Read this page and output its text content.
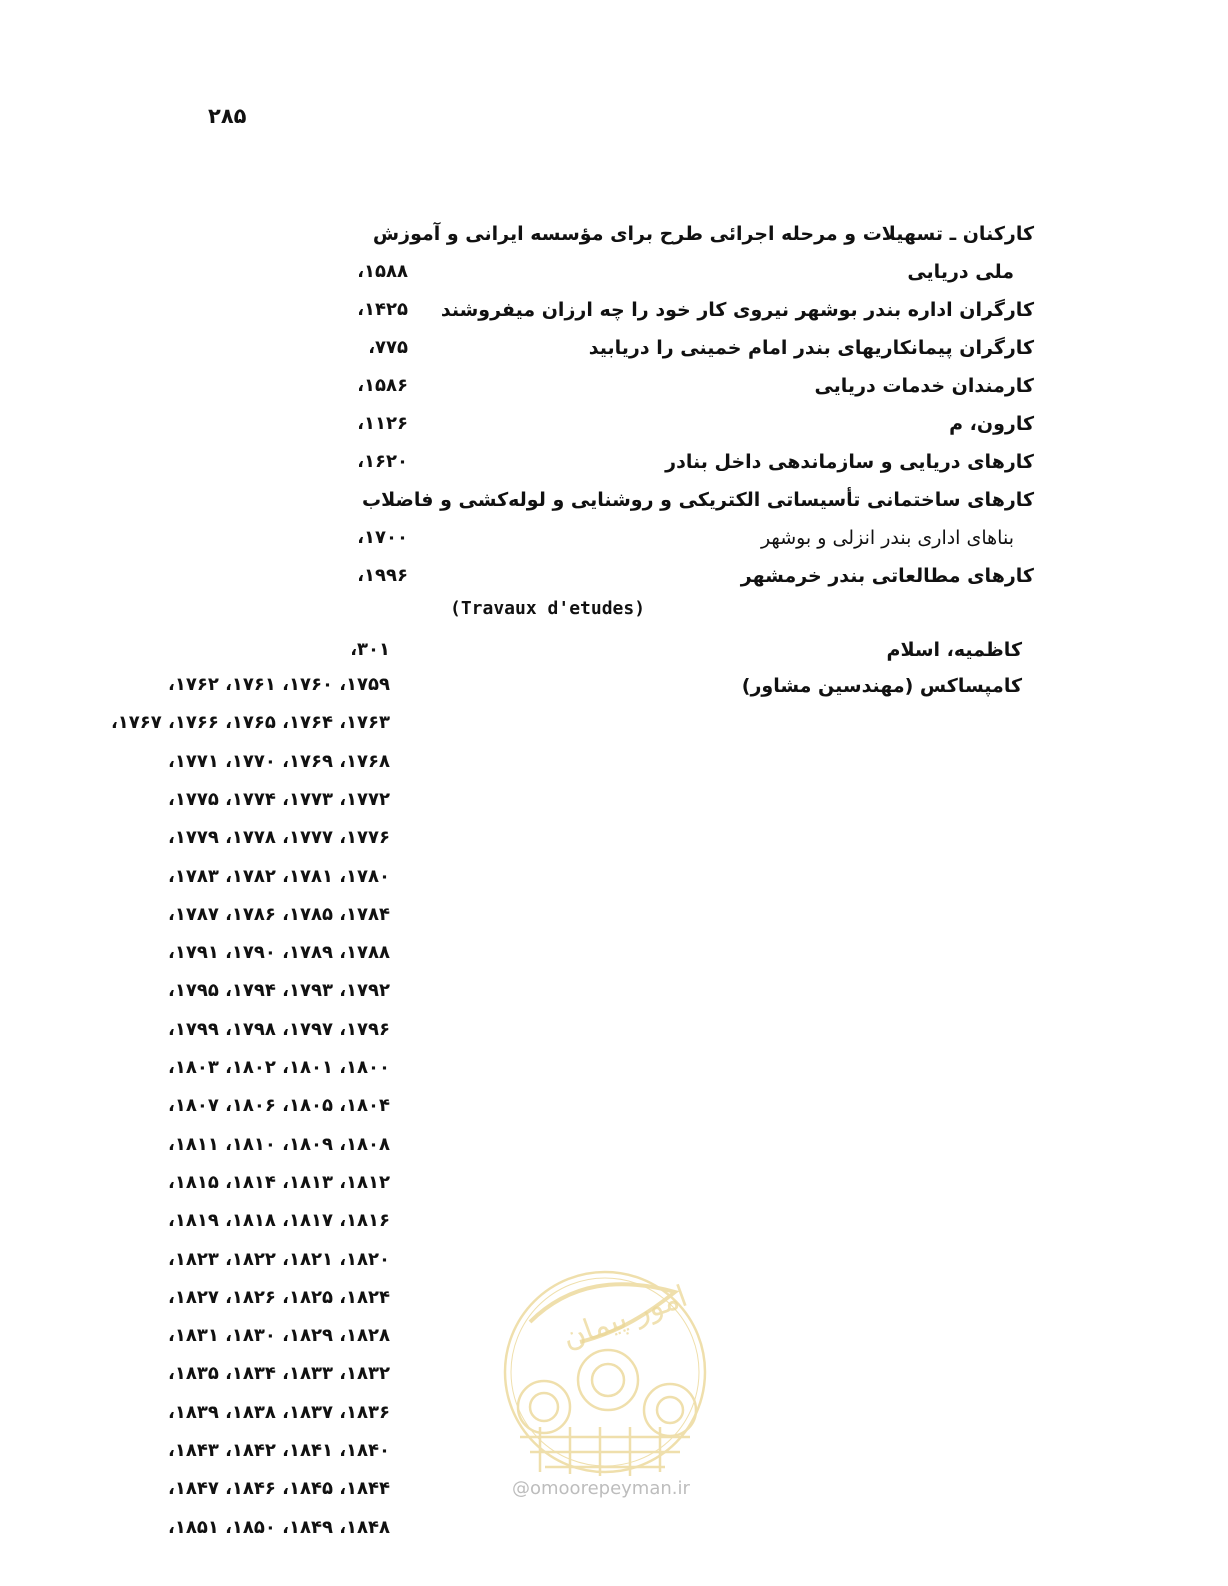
۲۸۵
کارکنان ـ تسهیلات و مرحله اجرائی طرح برای مؤسسه ایرانی و آموزش
ملی دریایی
۱۵۸۸،
کارگران اداره بندر بوشهر نیروی کار خود را چه ارزان میفروشند
۱۴۲۵،
کارگران پیمانکاریهای بندر امام خمینی را دریابید
۷۷۵،
کارمندان خدمات دریایی
۱۵۸۶،
کارون، م
۱۱۲۶،
کارهای دریایی و سازماندهی داخل بنادر
۱۶۲۰،
کارهای ساختمانی تأسیساتی الکتریکی و روشنایی و لوله‌کشی و فاضلاب
بناهای اداری بندر انزلی و بوشهر
۱۷۰۰،
کارهای مطالعاتی بندر خرمشهر
۱۹۹۶،
(Travaux d'etudes)
کاظمیه، اسلام
۳۰۱،
کامپساکس (مهندسین مشاور)
۱۷۵۹، ۱۷۶۰، ۱۷۶۱، ۱۷۶۲،
۱۷۶۳، ۱۷۶۴، ۱۷۶۵، ۱۷۶۶، ۱۷۶۷،
۱۷۶۸، ۱۷۶۹، ۱۷۷۰، ۱۷۷۱،
۱۷۷۲، ۱۷۷۳، ۱۷۷۴، ۱۷۷۵،
۱۷۷۶، ۱۷۷۷، ۱۷۷۸، ۱۷۷۹،
۱۷۸۰، ۱۷۸۱، ۱۷۸۲، ۱۷۸۳،
۱۷۸۴، ۱۷۸۵، ۱۷۸۶، ۱۷۸۷،
۱۷۸۸، ۱۷۸۹، ۱۷۹۰، ۱۷۹۱،
۱۷۹۲، ۱۷۹۳، ۱۷۹۴، ۱۷۹۵،
۱۷۹۶، ۱۷۹۷، ۱۷۹۸، ۱۷۹۹،
۱۸۰۰، ۱۸۰۱، ۱۸۰۲، ۱۸۰۳،
۱۸۰۴، ۱۸۰۵، ۱۸۰۶، ۱۸۰۷،
۱۸۰۸، ۱۸۰۹، ۱۸۱۰، ۱۸۱۱،
۱۸۱۲، ۱۸۱۳، ۱۸۱۴، ۱۸۱۵،
۱۸۱۶، ۱۸۱۷، ۱۸۱۸، ۱۸۱۹،
۱۸۲۰، ۱۸۲۱، ۱۸۲۲، ۱۸۲۳،
۱۸۲۴، ۱۸۲۵، ۱۸۲۶، ۱۸۲۷،
۱۸۲۸، ۱۸۲۹، ۱۸۳۰، ۱۸۳۱،
۱۸۳۲، ۱۸۳۳، ۱۸۳۴، ۱۸۳۵،
۱۸۳۶، ۱۸۳۷، ۱۸۳۸، ۱۸۳۹،
۱۸۴۰، ۱۸۴۱، ۱۸۴۲، ۱۸۴۳،
۱۸۴۴، ۱۸۴۵، ۱۸۴۶، ۱۸۴۷،
۱۸۴۸، ۱۸۴۹، ۱۸۵۰، ۱۸۵۱،
@omoorepeyman.ir
امور پیمان
